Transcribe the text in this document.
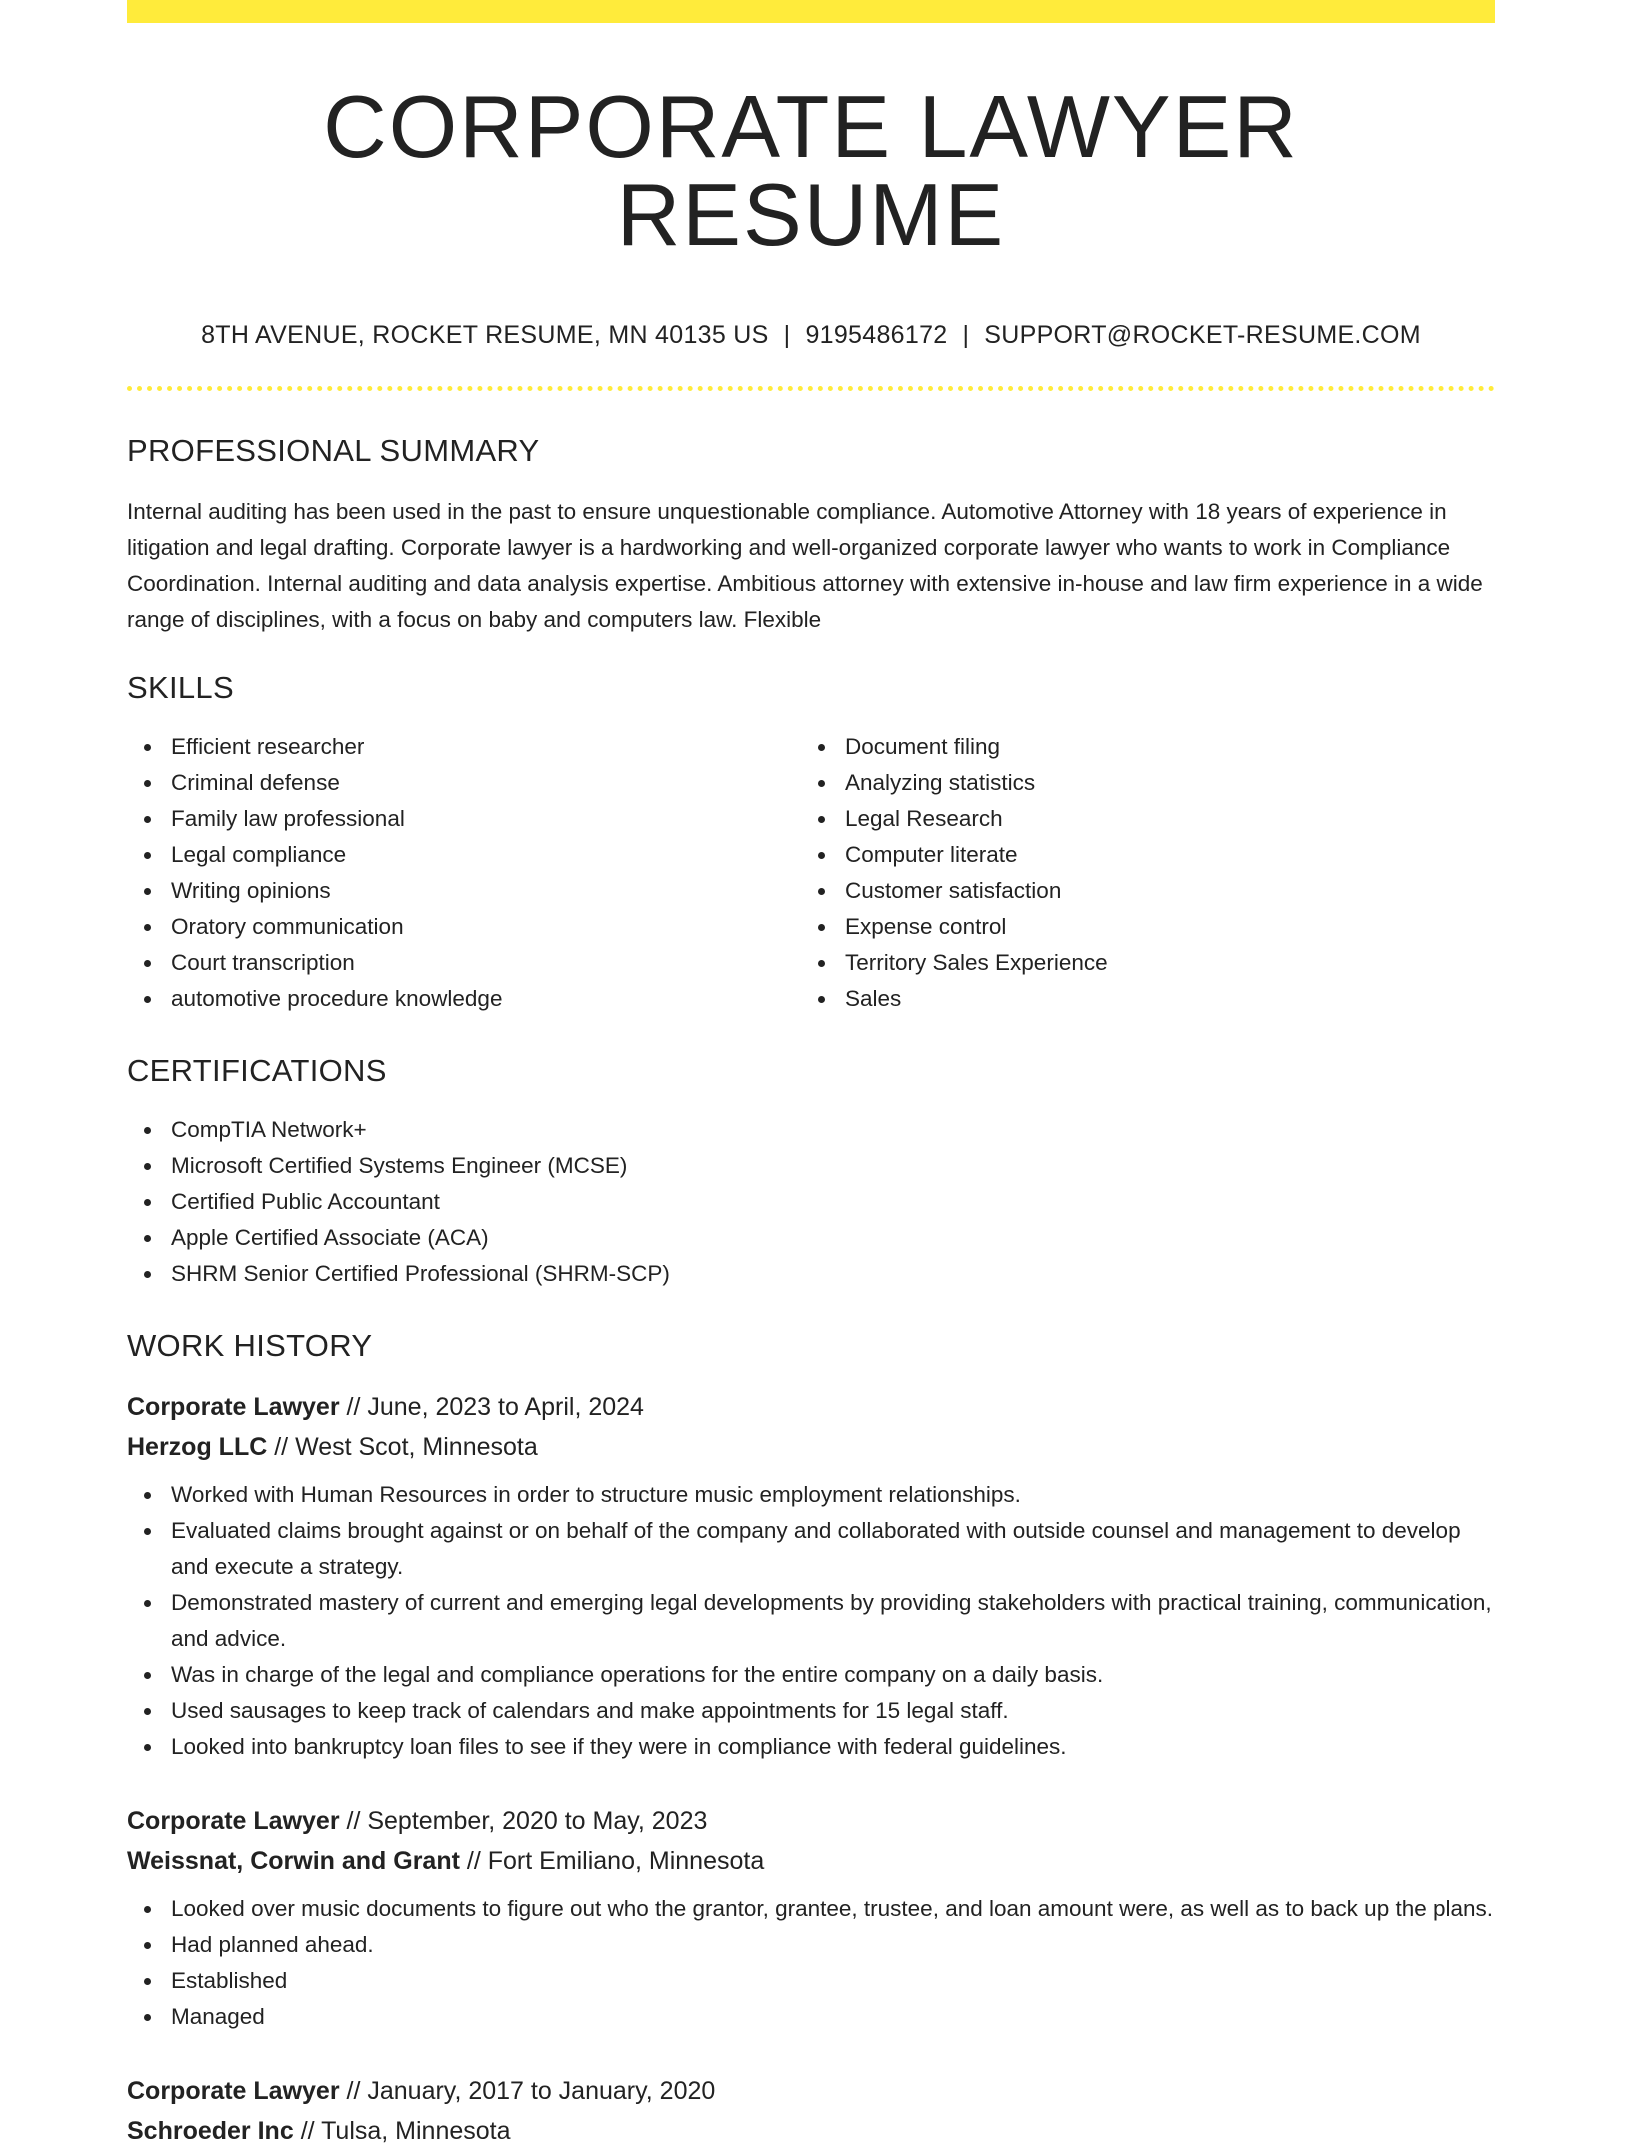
CORPORATE LAWYER RESUME
8TH AVENUE, ROCKET RESUME, MN 40135 US | 9195486172 | SUPPORT@ROCKET-RESUME.COM
PROFESSIONAL SUMMARY

Internal auditing has been used in the past to ensure unquestionable compliance. Automotive Attorney with 18 years of experience in litigation and legal drafting. Corporate lawyer is a hardworking and well-organized corporate lawyer who wants to work in Compliance Coordination. Internal auditing and data analysis expertise. Ambitious attorney with extensive in-house and law firm experience in a wide range of disciplines, with a focus on baby and computers law. Flexible

SKILLS
Efficient researcher
Criminal defense
Family law professional
Legal compliance
Writing opinions
Oratory communication
Court transcription
automotive procedure knowledge
Document filing
Analyzing statistics
Legal Research
Computer literate
Customer satisfaction
Expense control
Territory Sales Experience
Sales
CERTIFICATIONS
CompTIA Network+
Microsoft Certified Systems Engineer (MCSE)
Certified Public Accountant
Apple Certified Associate (ACA)
SHRM Senior Certified Professional (SHRM-SCP)
WORK HISTORY
Corporate Lawyer // June, 2023 to April, 2024
Herzog LLC // West Scot, Minnesota
Worked with Human Resources in order to structure music employment relationships.
Evaluated claims brought against or on behalf of the company and collaborated with outside counsel and management to develop and execute a strategy.
Demonstrated mastery of current and emerging legal developments by providing stakeholders with practical training, communication, and advice.
Was in charge of the legal and compliance operations for the entire company on a daily basis.
Used sausages to keep track of calendars and make appointments for 15 legal staff.
Looked into bankruptcy loan files to see if they were in compliance with federal guidelines.
Corporate Lawyer // September, 2020 to May, 2023
Weissnat, Corwin and Grant // Fort Emiliano, Minnesota
Looked over music documents to figure out who the grantor, grantee, trustee, and loan amount were, as well as to back up the plans.
Had planned ahead.
Established
Managed
Corporate Lawyer // January, 2017 to January, 2020
Schroeder Inc // Tulsa, Minnesota
